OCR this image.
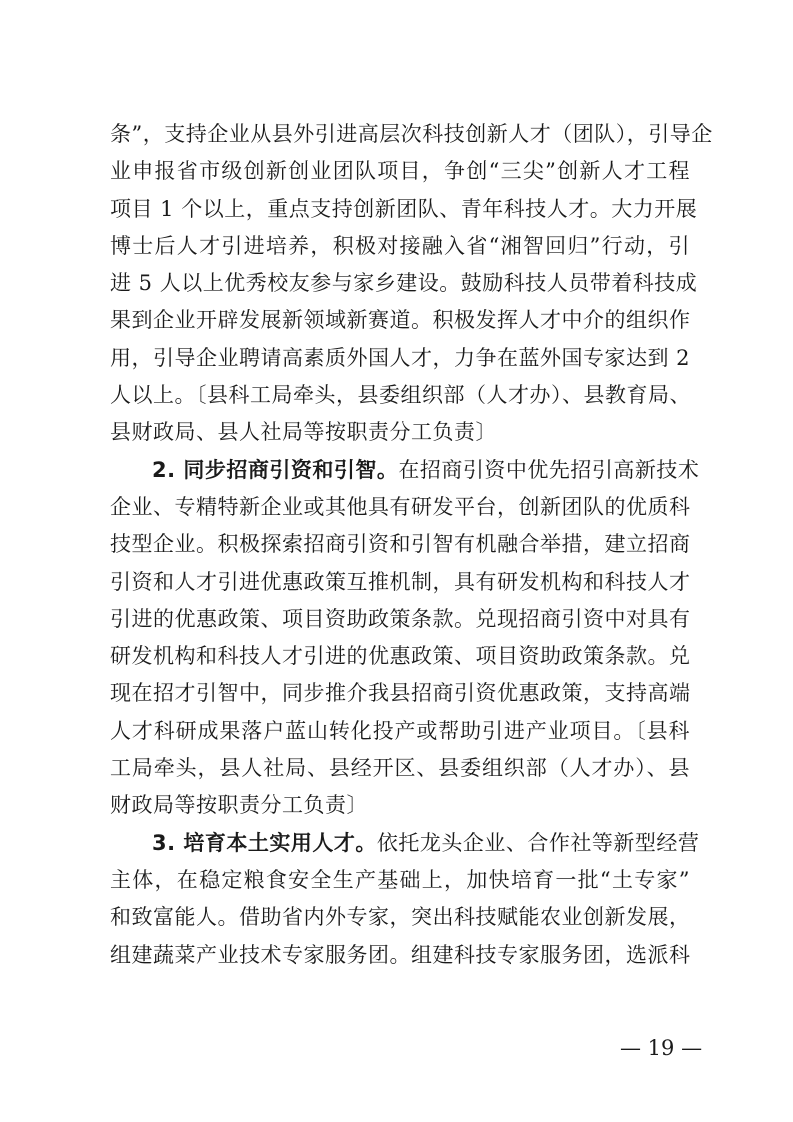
条”，支持企业从县外引进高层次科技创新人才（团队），引导企
业申报省市级创新创业团队项目，争创“三尖”创新人才工程
项目 1 个以上，重点支持创新团队、青年科技人才。大力开展
博士后人才引进培养，积极对接融入省“湘智回归”行动，引
进 5 人以上优秀校友参与家乡建设。鼓励科技人员带着科技成
果到企业开辟发展新领域新赛道。积极发挥人才中介的组织作
用，引导企业聘请高素质外国人才，力争在蓝外国专家达到 2
人以上。〔县科工局牵头，县委组织部（人才办）、县教育局、
县财政局、县人社局等按职责分工负责〕
2. 同步招商引资和引智。在招商引资中优先招引高新技术
企业、专精特新企业或其他具有研发平台，创新团队的优质科
技型企业。积极探索招商引资和引智有机融合举措，建立招商
引资和人才引进优惠政策互推机制，具有研发机构和科技人才
引进的优惠政策、项目资助政策条款。兑现招商引资中对具有
研发机构和科技人才引进的优惠政策、项目资助政策条款。兑
现在招才引智中，同步推介我县招商引资优惠政策，支持高端
人才科研成果落户蓝山转化投产或帮助引进产业项目。〔县科
工局牵头，县人社局、县经开区、县委组织部（人才办）、县
财政局等按职责分工负责〕
3. 培育本土实用人才。依托龙头企业、合作社等新型经营
主体，在稳定粮食安全生产基础上，加快培育一批“土专家”
和致富能人。借助省内外专家，突出科技赋能农业创新发展，
组建蔬菜产业技术专家服务团。组建科技专家服务团，选派科
— 19 —
